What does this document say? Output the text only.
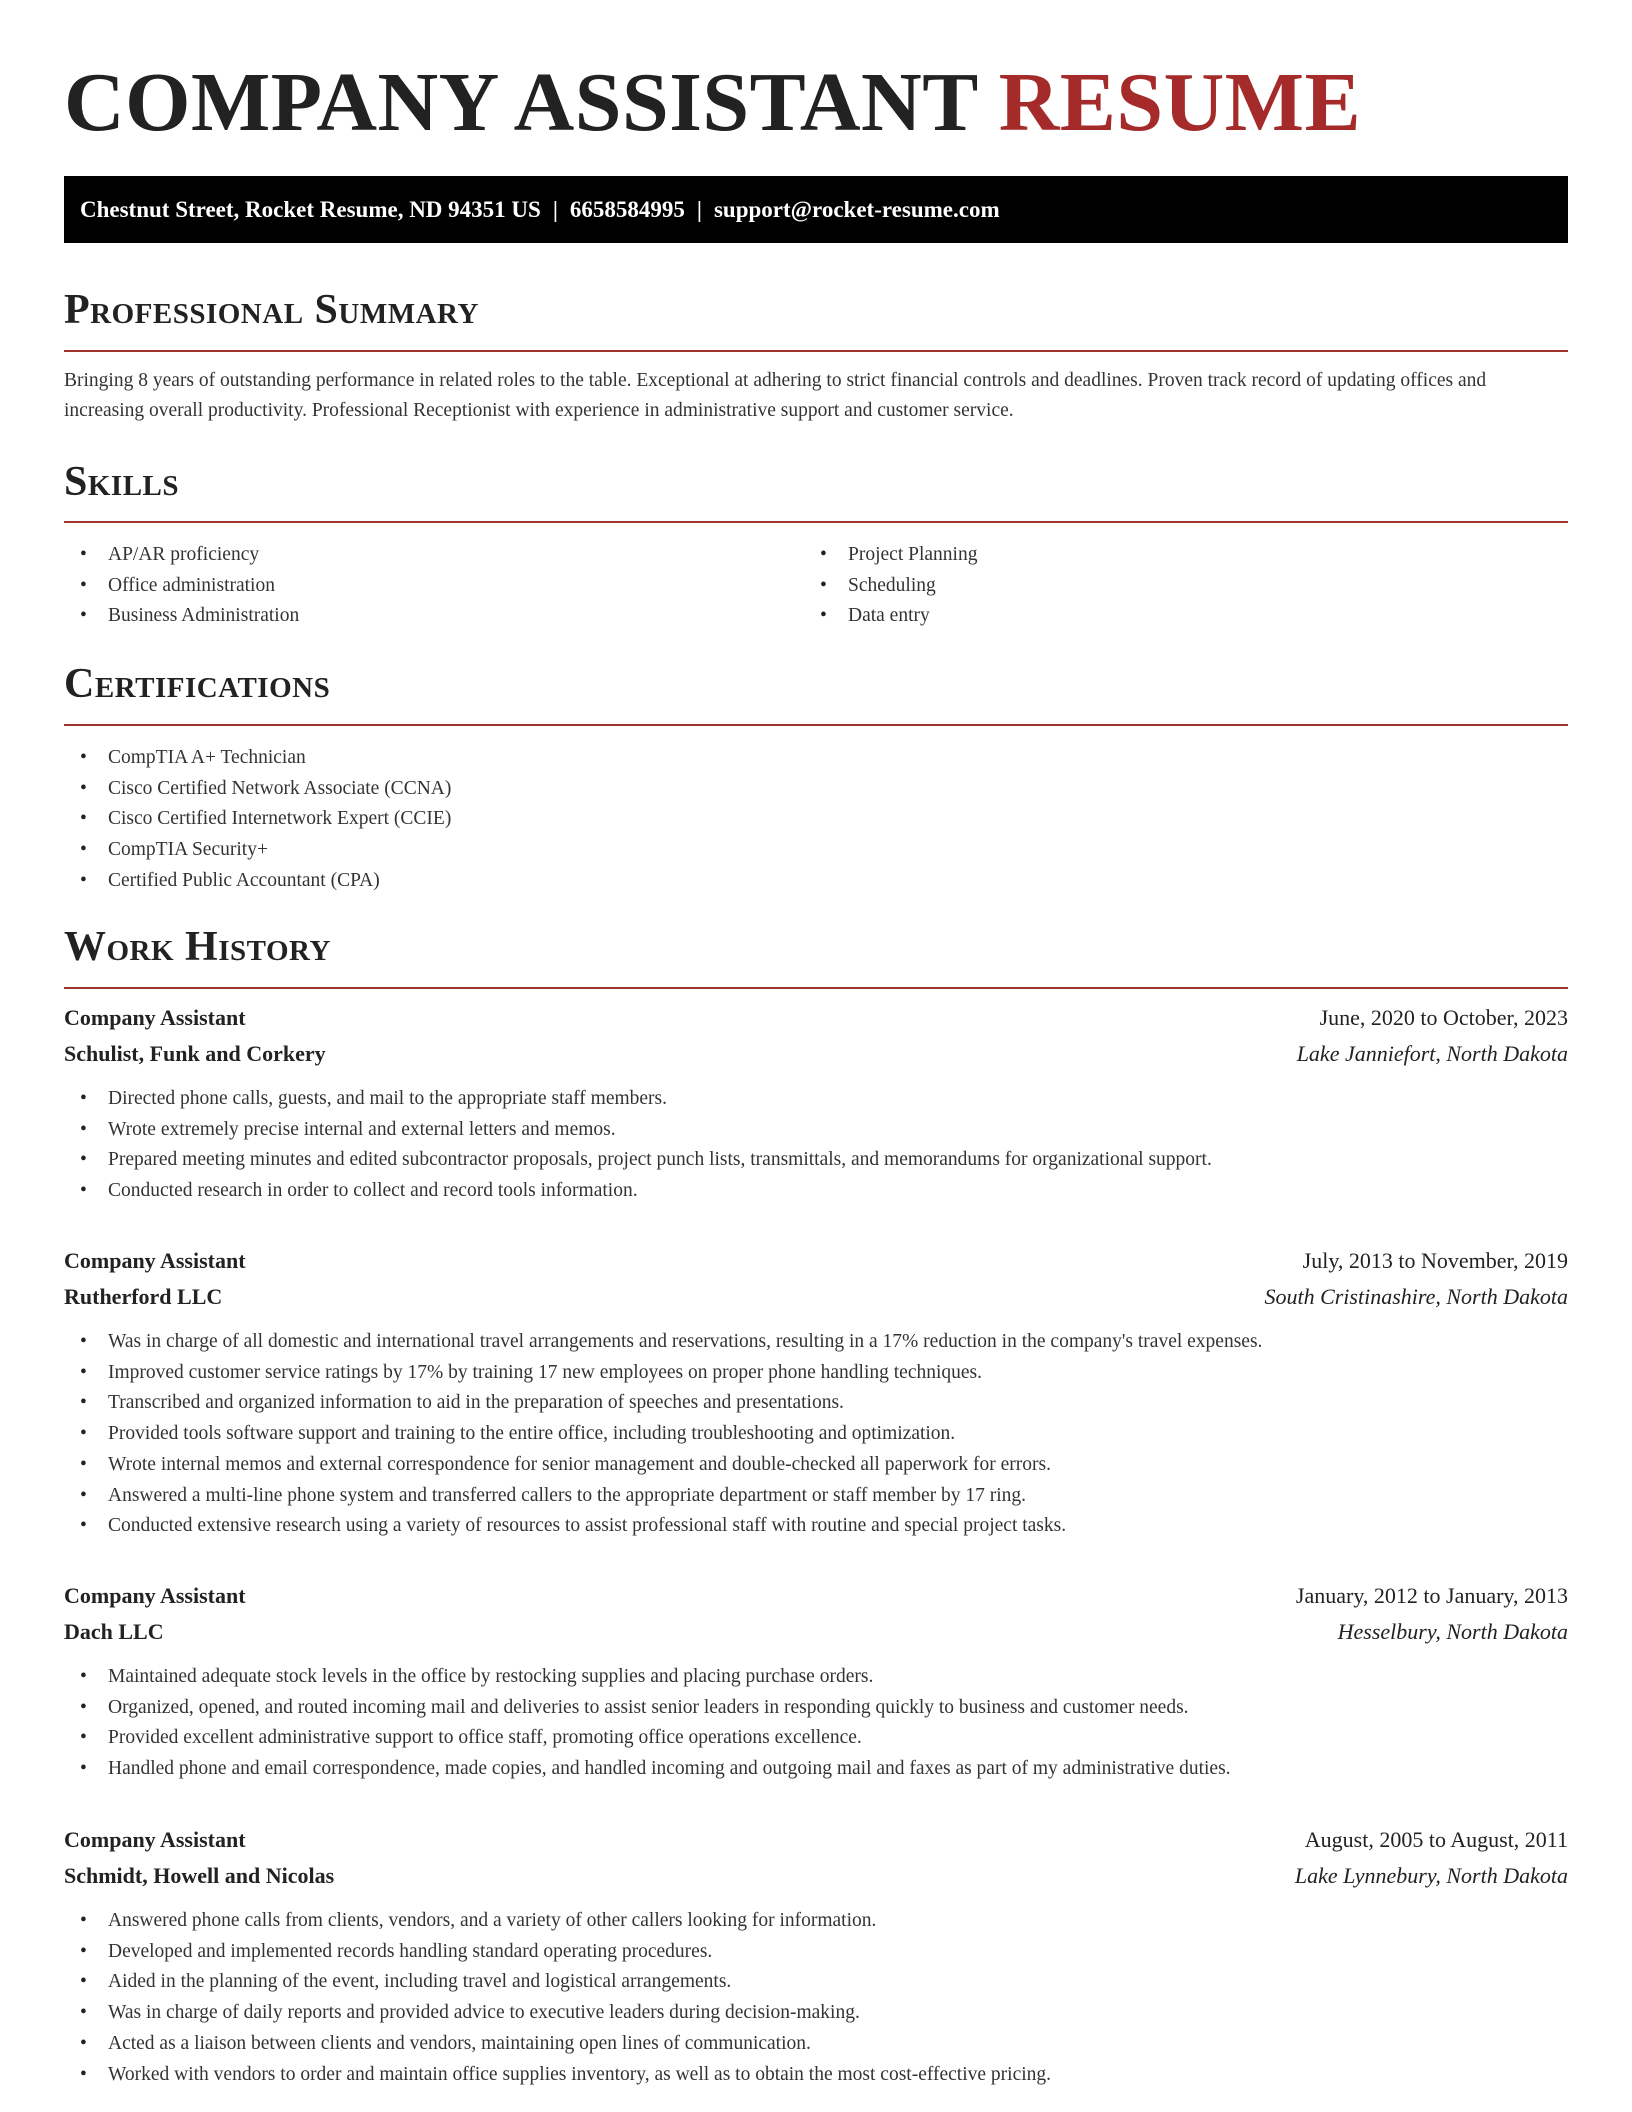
COMPANY ASSISTANT RESUME
Chestnut Street, Rocket Resume, ND 94351 US | 6658584995 | support@rocket-resume.com
Professional Summary

Bringing 8 years of outstanding performance in related roles to the table. Exceptional at adhering to strict financial controls and deadlines. Proven track record of updating offices and increasing overall productivity. Professional Receptionist with experience in administrative support and customer service.

Skills
• AP/AR proficiency
• Office administration
• Business Administration
• Project Planning
• Scheduling
• Data entry
Certifications
• CompTIA A+ Technician
• Cisco Certified Network Associate (CCNA)
• Cisco Certified Internetwork Expert (CCIE)
• CompTIA Security+
• Certified Public Accountant (CPA)
Work History
Company Assistant	June, 2020 to October, 2023
Schulist, Funk and Corkery	Lake Janniefort, North Dakota
• Directed phone calls, guests, and mail to the appropriate staff members.
• Wrote extremely precise internal and external letters and memos.
• Prepared meeting minutes and edited subcontractor proposals, project punch lists, transmittals, and memorandums for organizational support.
• Conducted research in order to collect and record tools information.
Company Assistant	July, 2013 to November, 2019
Rutherford LLC	South Cristinashire, North Dakota
• Was in charge of all domestic and international travel arrangements and reservations, resulting in a 17% reduction in the company's travel expenses.
• Improved customer service ratings by 17% by training 17 new employees on proper phone handling techniques.
• Transcribed and organized information to aid in the preparation of speeches and presentations.
• Provided tools software support and training to the entire office, including troubleshooting and optimization.
• Wrote internal memos and external correspondence for senior management and double-checked all paperwork for errors.
• Answered a multi-line phone system and transferred callers to the appropriate department or staff member by 17 ring.
• Conducted extensive research using a variety of resources to assist professional staff with routine and special project tasks.
Company Assistant	January, 2012 to January, 2013
Dach LLC	Hesselbury, North Dakota
• Maintained adequate stock levels in the office by restocking supplies and placing purchase orders.
• Organized, opened, and routed incoming mail and deliveries to assist senior leaders in responding quickly to business and customer needs.
• Provided excellent administrative support to office staff, promoting office operations excellence.
• Handled phone and email correspondence, made copies, and handled incoming and outgoing mail and faxes as part of my administrative duties.
Company Assistant	August, 2005 to August, 2011
Schmidt, Howell and Nicolas	Lake Lynnebury, North Dakota
• Answered phone calls from clients, vendors, and a variety of other callers looking for information.
• Developed and implemented records handling standard operating procedures.
• Aided in the planning of the event, including travel and logistical arrangements.
• Was in charge of daily reports and provided advice to executive leaders during decision-making.
• Acted as a liaison between clients and vendors, maintaining open lines of communication.
• Worked with vendors to order and maintain office supplies inventory, as well as to obtain the most cost-effective pricing.
